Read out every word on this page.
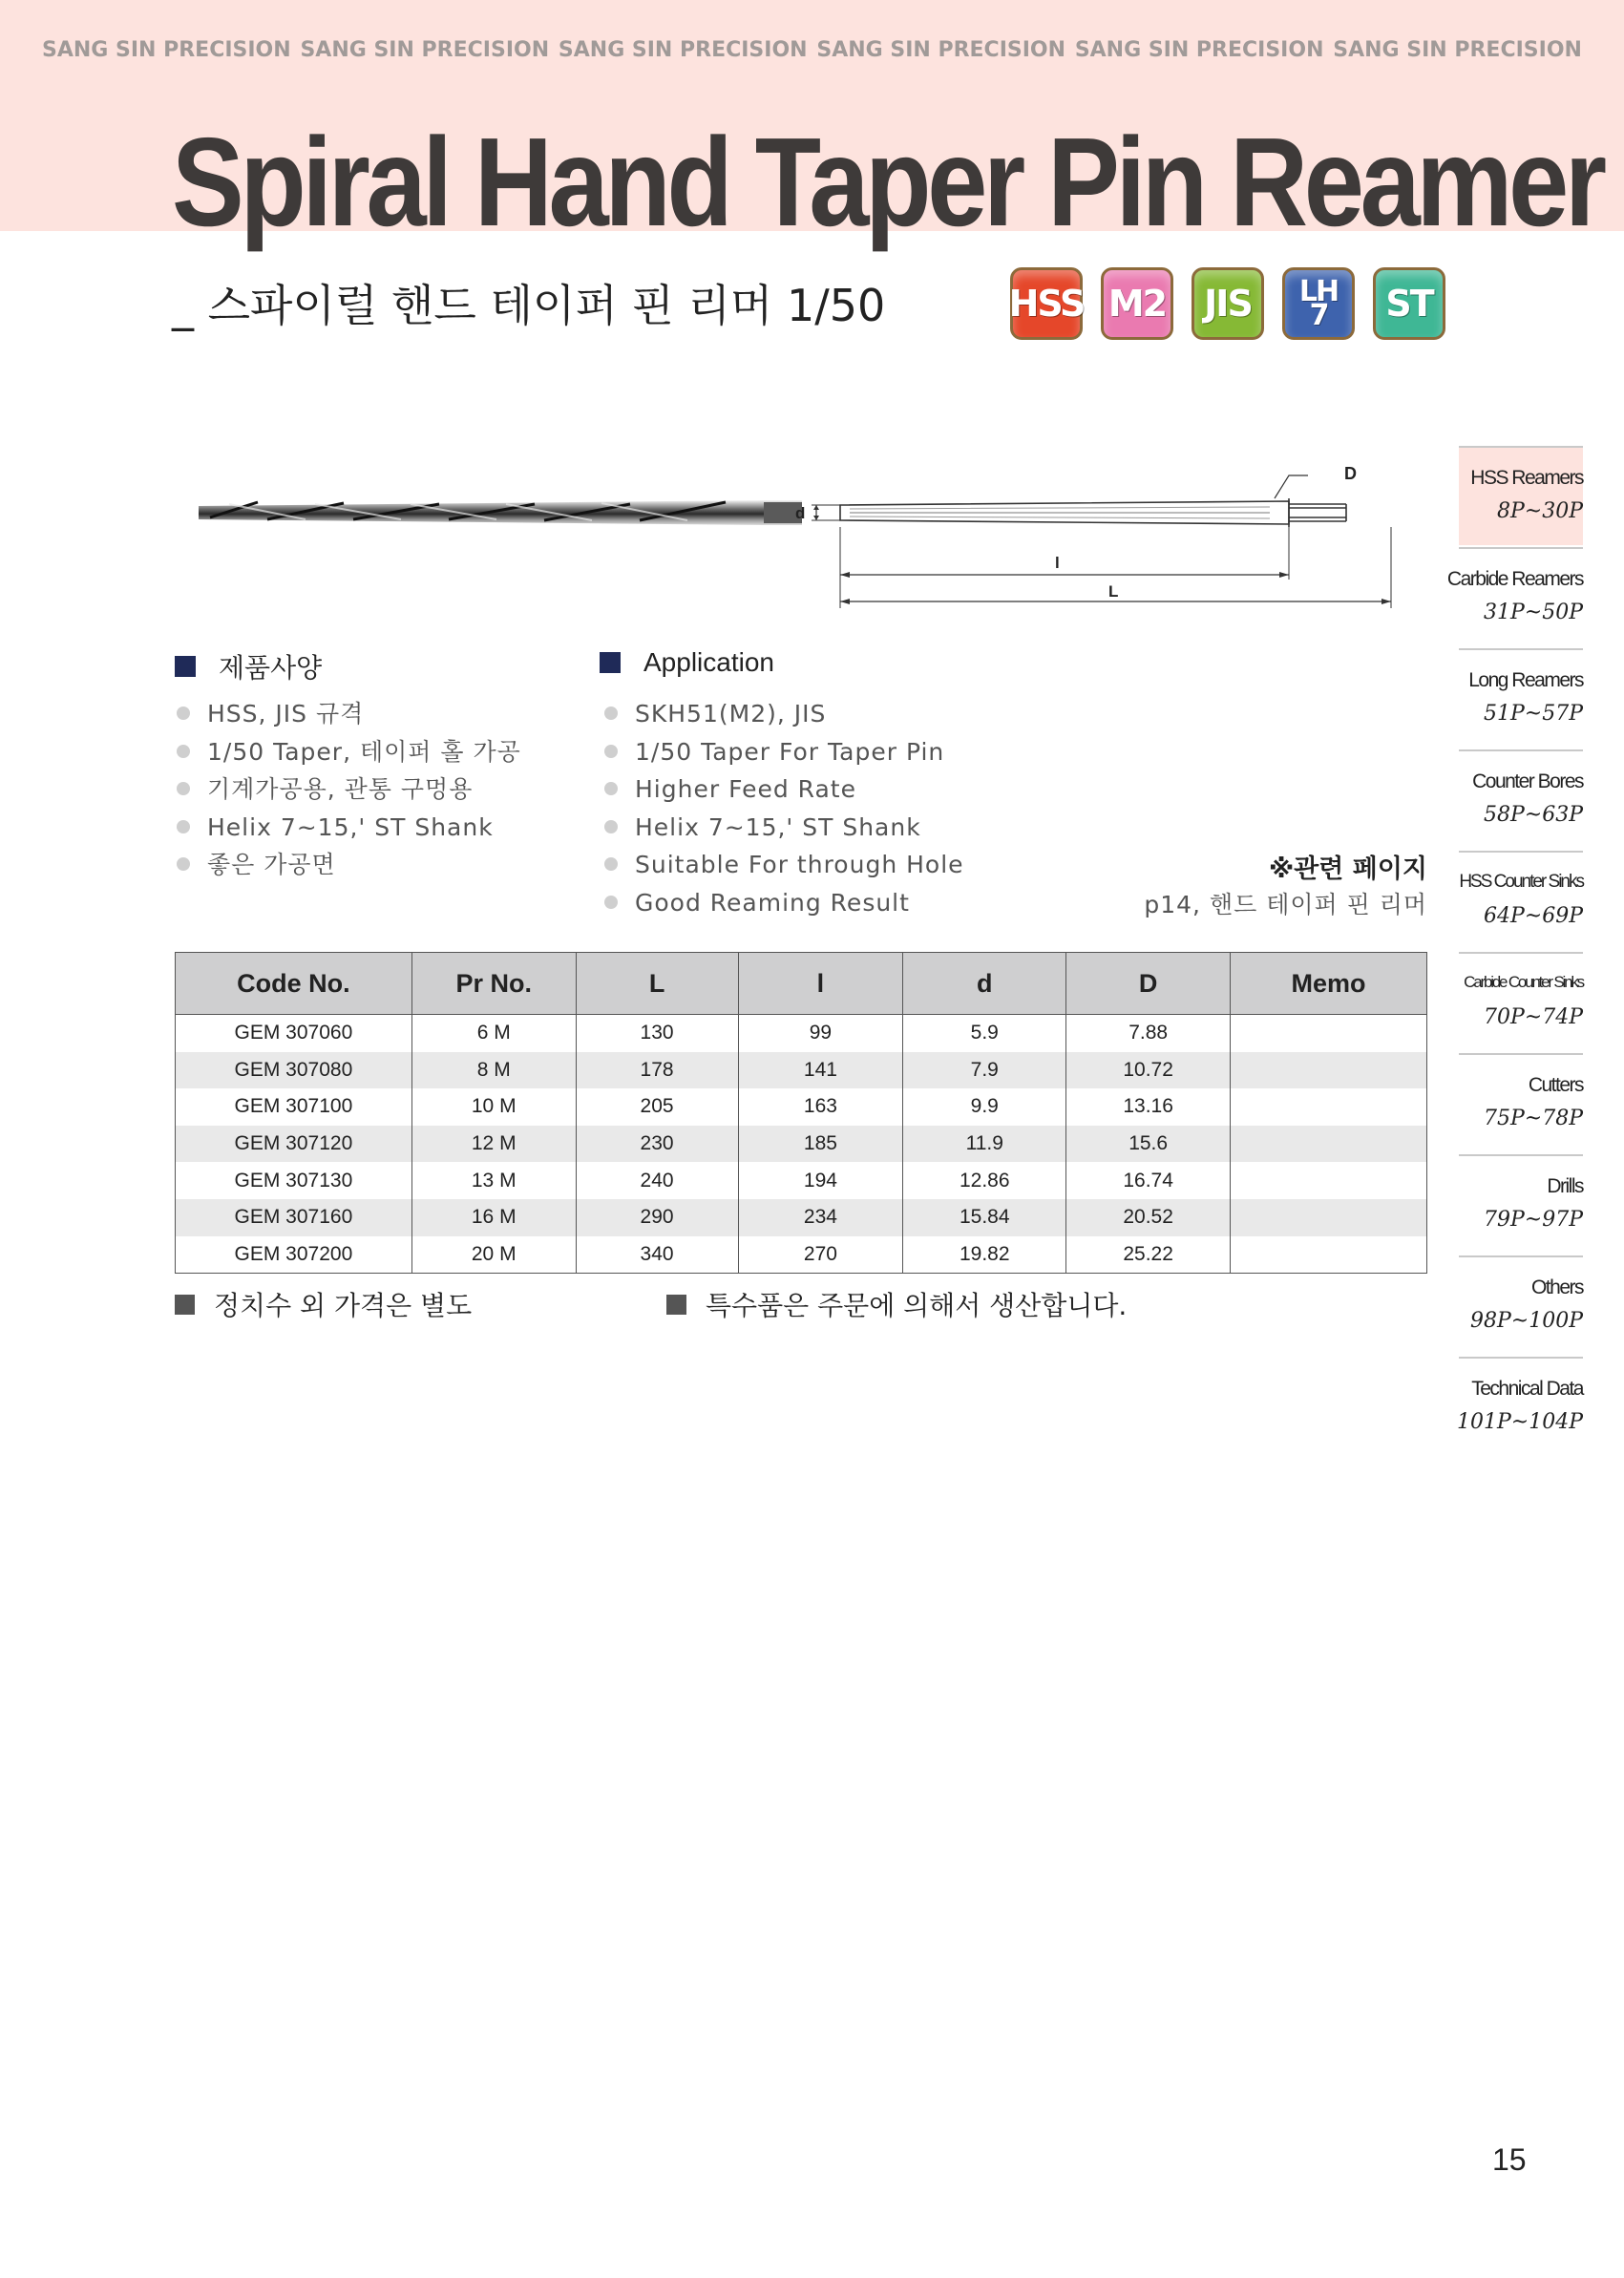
SANG SIN PRECISION SANG SIN PRECISION SANG SIN PRECISION SANG SIN PRECISION SANG SIN PRECISION SANG SIN PRECISION
Spiral Hand Taper Pin Reamer
_ 스파이럴 핸드 테이퍼 핀 리머 1/50	HSS M2	JIS	LH
7	ST
D
d
l
L
제품사양
HSS, JIS 규격
1/50 Taper, 테이퍼 홀 가공
기계가공용, 관통 구멍용
Helix 7~15,' ST Shank
좋은 가공면
Application
SKH51(M2), JIS
1/50 Taper For Taper Pin
Higher Feed Rate
Helix 7~15,' ST Shank
Suitable For through Hole
Good Reaming Result
※관련 페이지
p14, 핸드 테이퍼 핀 리머
Code No.	Pr No.	L	l	d	D	Memo
GEM 307060	6 M	130	99	5.9	7.88	
GEM 307080	8 M	178	141	7.9	10.72	
GEM 307100	10 M	205	163	9.9	13.16	
GEM 307120	12 M	230	185	11.9	15.6	
GEM 307130	13 M	240	194	12.86	16.74	
GEM 307160	16 M	290	234	15.84	20.52	
GEM 307200	20 M	340	270	19.82	25.22	
정치수 외 가격은 별도	특수품은 주문에 의해서 생산합니다.
HSS Reamers
8P~30P
Carbide Reamers
31P~50P
Long Reamers
51P~57P
Counter Bores
58P~63P
HSS Counter Sinks
64P~69P
Carbide Counter Sinks
70P~74P
Cutters
75P~78P
Drills
79P~97P
Others
98P~100P
Technical Data
101P~104P
15
